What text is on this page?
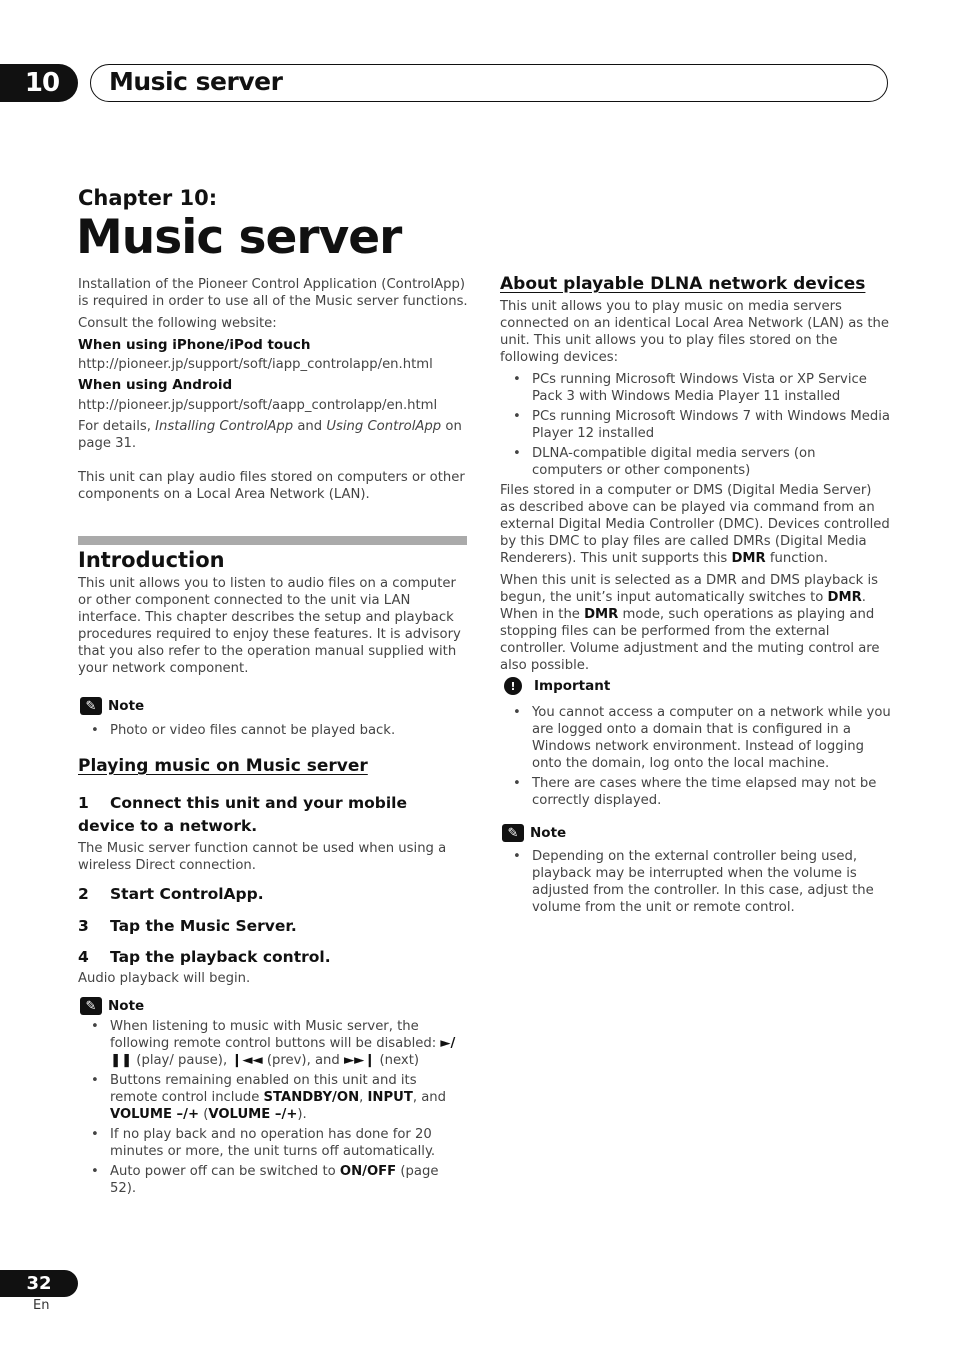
10 Music server
Chapter 10:
Music server
Installation of the Pioneer Control Application (ControlApp) is required in order to use all of the Music server functions.
Consult the following website:
When using iPhone/iPod touch
http://pioneer.jp/support/soft/iapp_controlapp/en.html
When using Android
http://pioneer.jp/support/soft/aapp_controlapp/en.html
For details, Installing ControlApp and Using ControlApp on page 31.
This unit can play audio files stored on computers or other components on a Local Area Network (LAN).
Introduction

This unit allows you to listen to audio files on a computer or other component connected to the unit via LAN interface. This chapter describes the setup and playback procedures required to enjoy these features. It is advisory that you also refer to the operation manual supplied with your network component.

✎ Note
• Photo or video files cannot be played back.
Playing music on Music server
1 Connect this unit and your mobile device to a network.
The Music server function cannot be used when using a wireless Direct connection.
2 Start ControlApp.
3 Tap the Music Server.
4 Tap the playback control.
Audio playback will begin.
✎ Note
• When listening to music with Music server, the following remote control buttons will be disabled: ►/❚❚ (play/ pause), ❙◄◄ (prev), and ►►❙ (next)
• Buttons remaining enabled on this unit and its remote control include STANDBY/ON, INPUT, and VOLUME –/+ (VOLUME –/+).
• If no play back and no operation has done for 20 minutes or more, the unit turns off automatically.
• Auto power off can be switched to ON/OFF (page 52).
About playable DLNA network devices

This unit allows you to play music on media servers connected on an identical Local Area Network (LAN) as the unit. This unit allows you to play files stored on the following devices:

• PCs running Microsoft Windows Vista or XP Service Pack 3 with Windows Media Player 11 installed
• PCs running Microsoft Windows 7 with Windows Media Player 12 installed
• DLNA-compatible digital media servers (on computers or other components)

Files stored in a computer or DMS (Digital Media Server) as described above can be played via command from an external Digital Media Controller (DMC). Devices controlled by this DMC to play files are called DMRs (Digital Media Renderers). This unit supports this DMR function.

When this unit is selected as a DMR and DMS playback is begun, the unit’s input automatically switches to DMR. When in the DMR mode, such operations as playing and stopping files can be performed from the external controller. Volume adjustment and the muting control are also possible.

!	Important
• You cannot access a computer on a network while you are logged onto a domain that is configured in a Windows network environment. Instead of logging onto the domain, log onto the local machine.
• There are cases where the time elapsed may not be correctly displayed.
✎ Note
• Depending on the external controller being used, playback may be interrupted when the volume is adjusted from the controller. In this case, adjust the volume from the unit or remote control.
32
En
